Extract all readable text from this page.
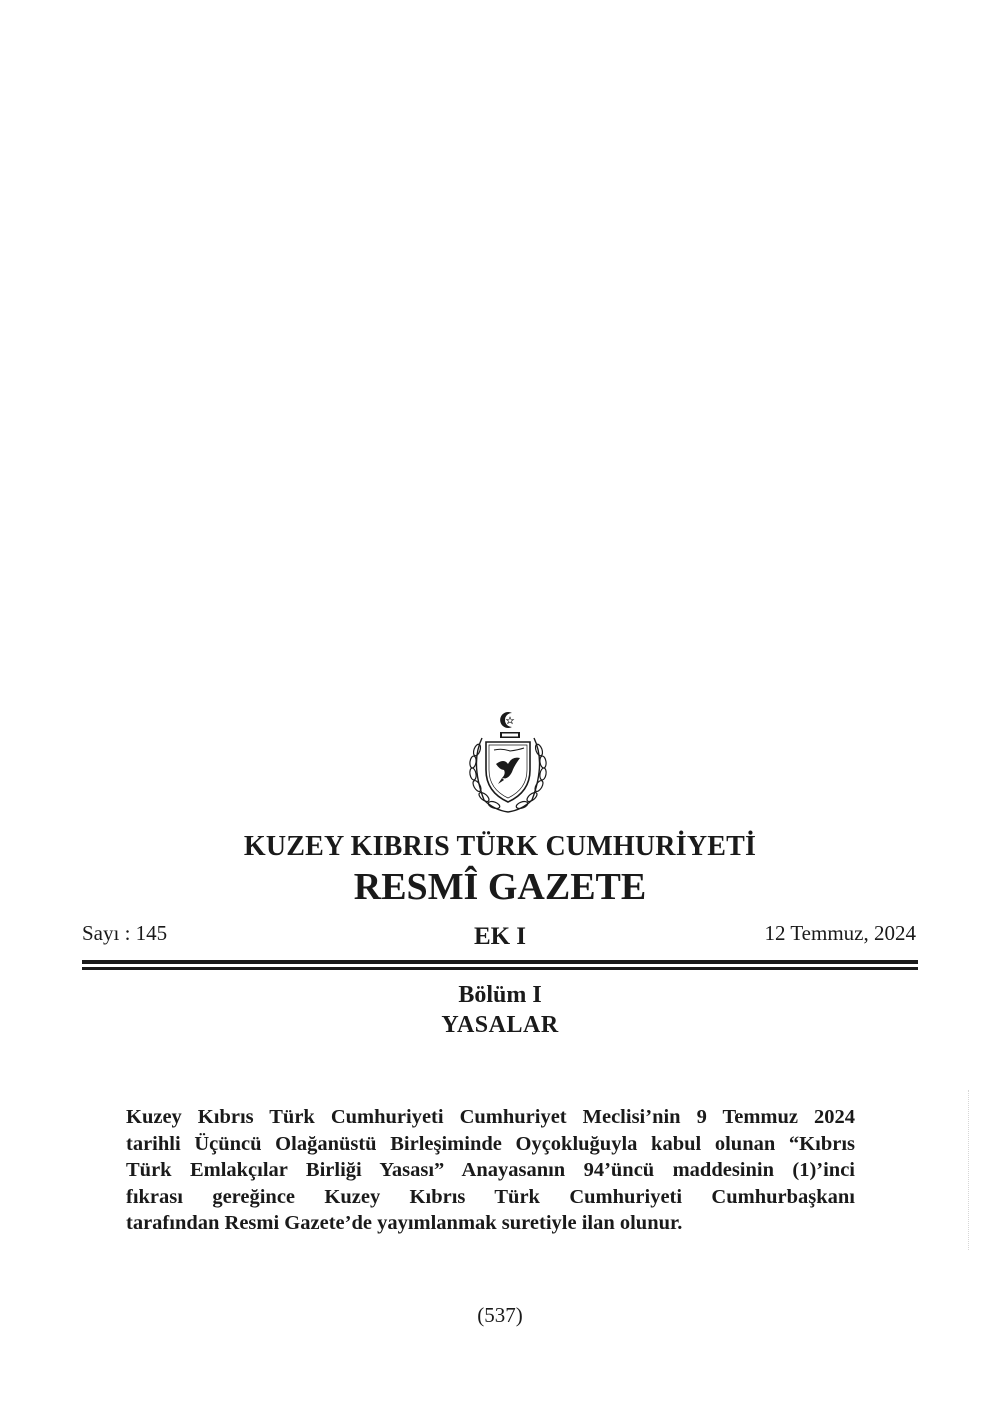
KUZEY KIBRIS TÜRK CUMHURİYETİ
RESMÎ GAZETE
Sayı : 145	EK I	12 Temmuz, 2024
Bölüm I
YASALAR
Kuzey Kıbrıs Türk Cumhuriyeti Cumhuriyet Meclisi’nin 9 Temmuz 2024
tarihli Üçüncü Olağanüstü Birleşiminde Oyçokluğuyla kabul olunan “Kıbrıs
Türk Emlakçılar Birliği Yasası” Anayasanın 94’üncü maddesinin (1)’inci
fıkrası gereğince Kuzey Kıbrıs Türk Cumhuriyeti Cumhurbaşkanı
tarafından Resmi Gazete’de yayımlanmak suretiyle ilan olunur.
(537)
